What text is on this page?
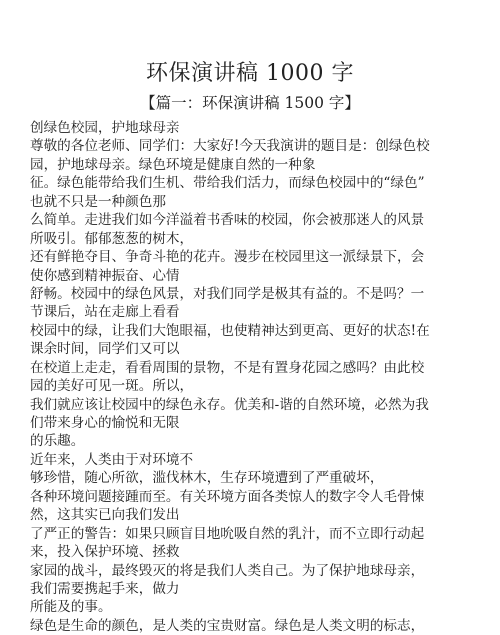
环保演讲稿 1000 字
【篇一：环保演讲稿 1500 字】
创绿色校园，护地球母亲
尊敬的各位老师、同学们：大家好!今天我演讲的题目是：创绿色校
园，护地球母亲。绿色环境是健康自然的一种象
征。绿色能带给我们生机、带给我们活力，而绿色校园中的“绿色”
也就不只是一种颜色那
么简单。走进我们如今洋溢着书香味的校园，你会被那迷人的风景
所吸引。郁郁葱葱的树木，
还有鲜艳夺目、争奇斗艳的花卉。漫步在校园里这一派绿景下，会
使你感到精神振奋、心情
舒畅。校园中的绿色风景，对我们同学是极其有益的。不是吗？一
节课后，站在走廊上看看
校园中的绿，让我们大饱眼福，也使精神达到更高、更好的状态!在
课余时间，同学们又可以
在校道上走走，看看周围的景物，不是有置身花园之感吗？由此校
园的美好可见一斑。所以，
我们就应该让校园中的绿色永存。优美和-谐的自然环境，必然为我
们带来身心的愉悦和无限
的乐趣。
近年来，人类由于对环境不
够珍惜，随心所欲，滥伐林木，生存环境遭到了严重破坏，
各种环境问题接踵而至。有关环境方面各类惊人的数字令人毛骨悚
然，这其实已向我们发出
了严正的警告：如果只顾盲目地吮吸自然的乳汁，而不立即行动起
来，投入保护环境、拯救
家园的战斗，最终毁灭的将是我们人类自己。为了保护地球母亲，
我们需要携起手来，做力
所能及的事。
绿色是生命的颜色，是人类的宝贵财富。绿色是人类文明的标志，
